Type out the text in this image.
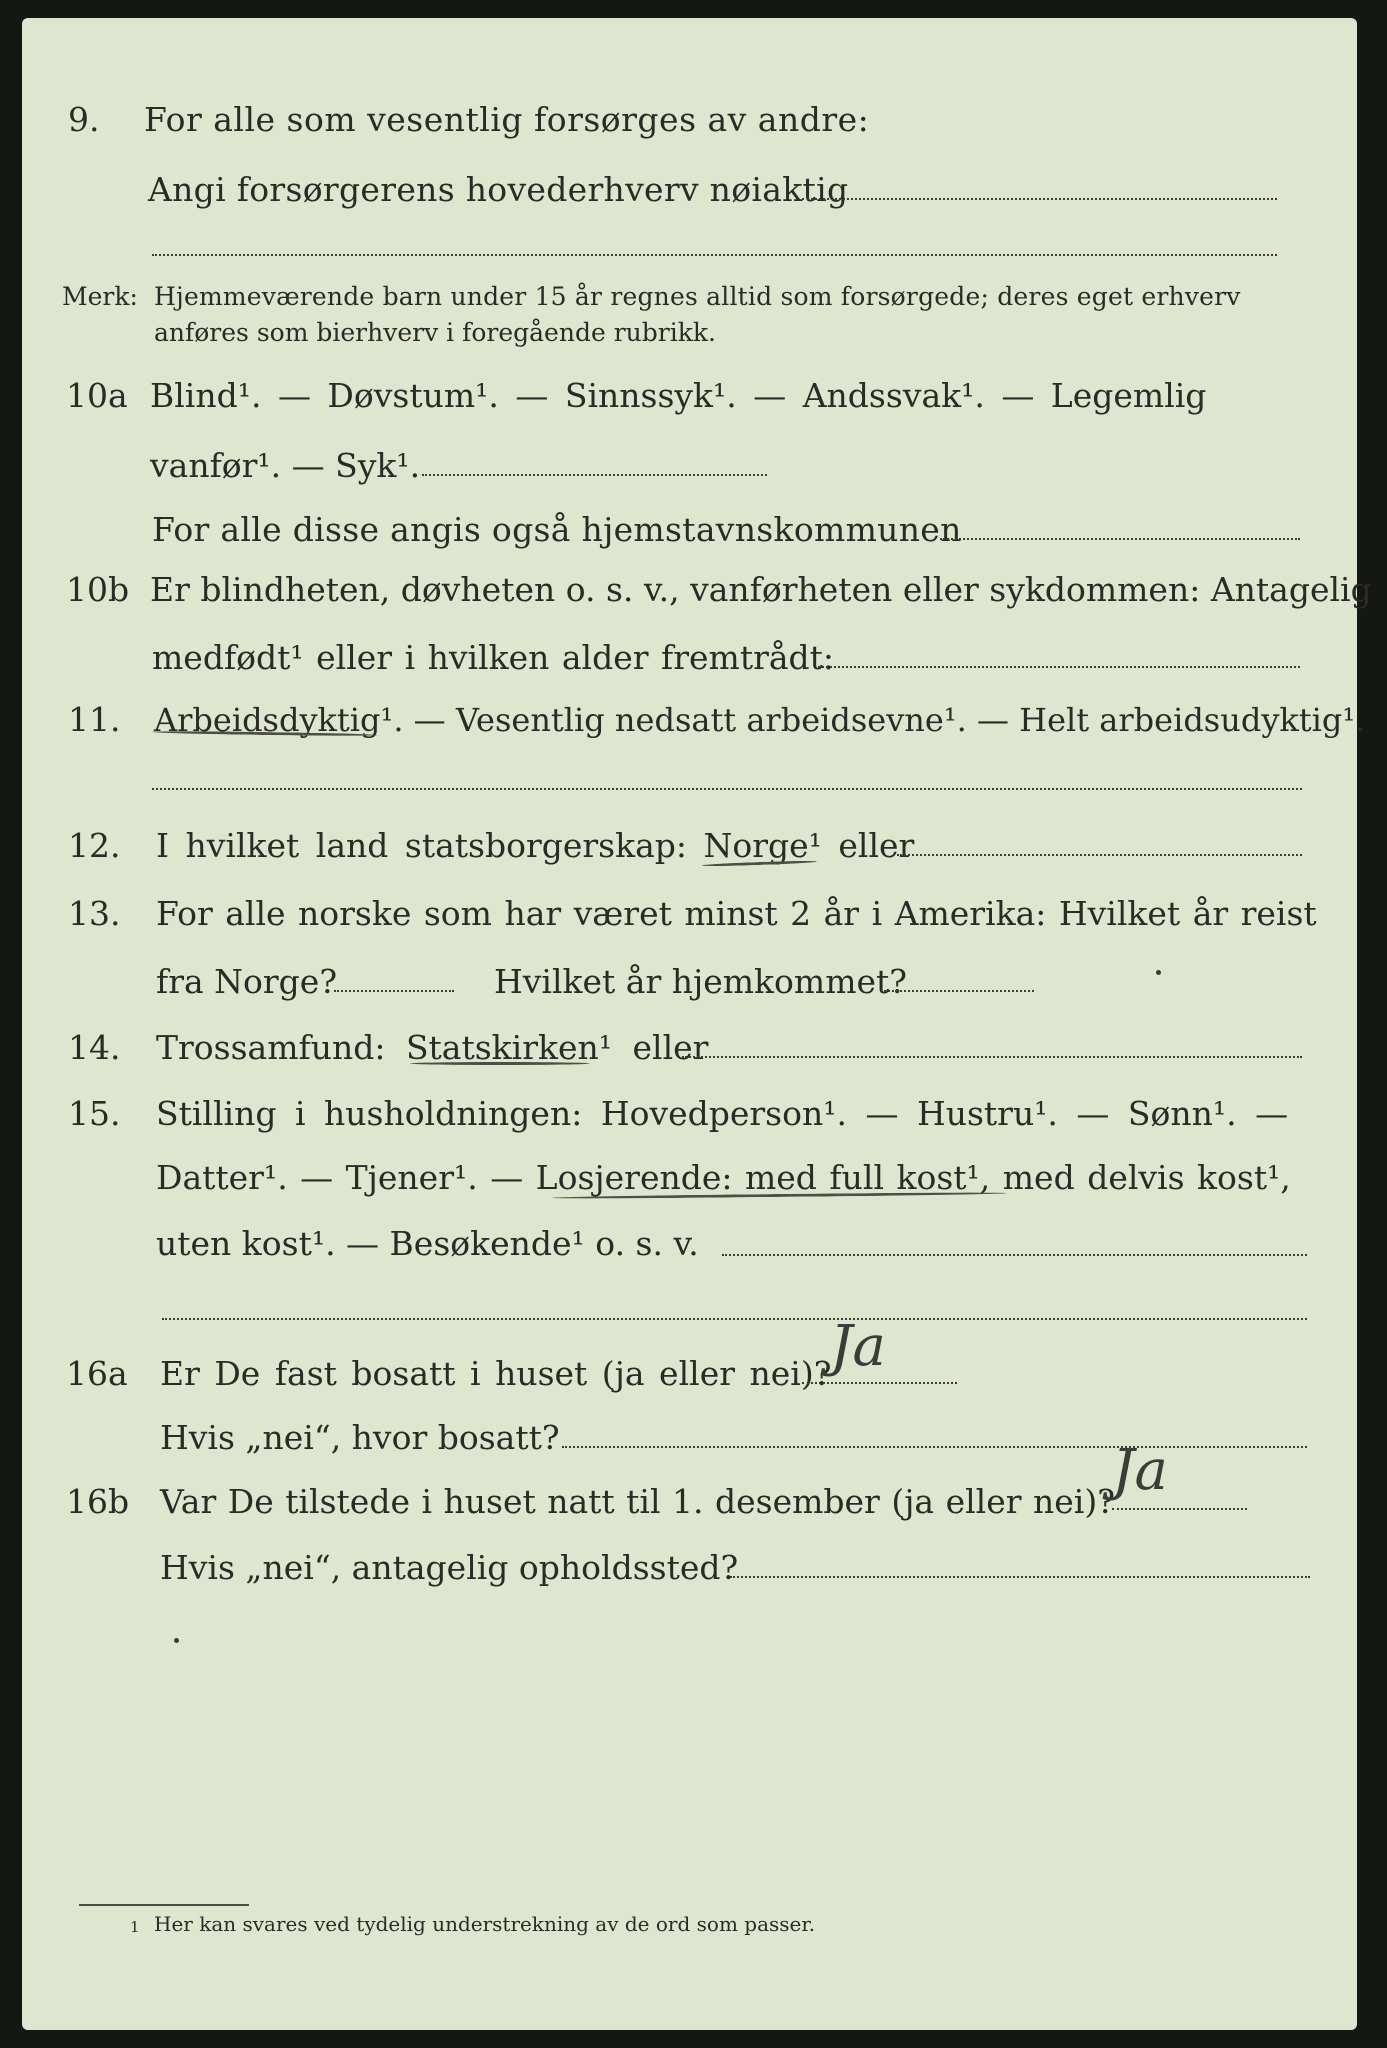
9. For alle som vesentlig forsørges av andre:
Angi forsørgerens hovederhverv nøiaktig
Merk: Hjemmeværende barn under 15 år regnes alltid som forsørgede; deres eget erhverv
anføres som bierhverv i foregående rubrikk.
10a Blind¹. — Døvstum¹. — Sinnssyk¹. — Andssvak¹. — Legemlig
vanfør¹. — Syk¹.
For alle disse angis også hjemstavnskommunen
10b Er blindheten, døvheten o. s. v., vanførheten eller sykdommen: Antagelig
medfødt¹ eller i hvilken alder fremtrådt:
11. Arbeidsdyktig¹. — Vesentlig nedsatt arbeidsevne¹. — Helt arbeidsudyktig¹.
12. I hvilket land statsborgerskap: Norge¹ eller
13. For alle norske som har været minst 2 år i Amerika: Hvilket år reist
fra Norge?	Hvilket år hjemkommet?
14. Trossamfund: Statskirken¹ eller
15. Stilling i husholdningen: Hovedperson¹. — Hustru¹. — Sønn¹. —
Datter¹. — Tjener¹. — Losjerende: med full kost¹, med delvis kost¹,
uten kost¹. — Besøkende¹ o. s. v.
16a Er De fast bosatt i huset (ja eller nei)?
Ja
Hvis „nei“, hvor bosatt?
16b Var De tilstede i huset natt til 1. desember (ja eller nei)?
Ja
Hvis „nei“, antagelig opholdssted?
1 Her kan svares ved tydelig understrekning av de ord som passer.
